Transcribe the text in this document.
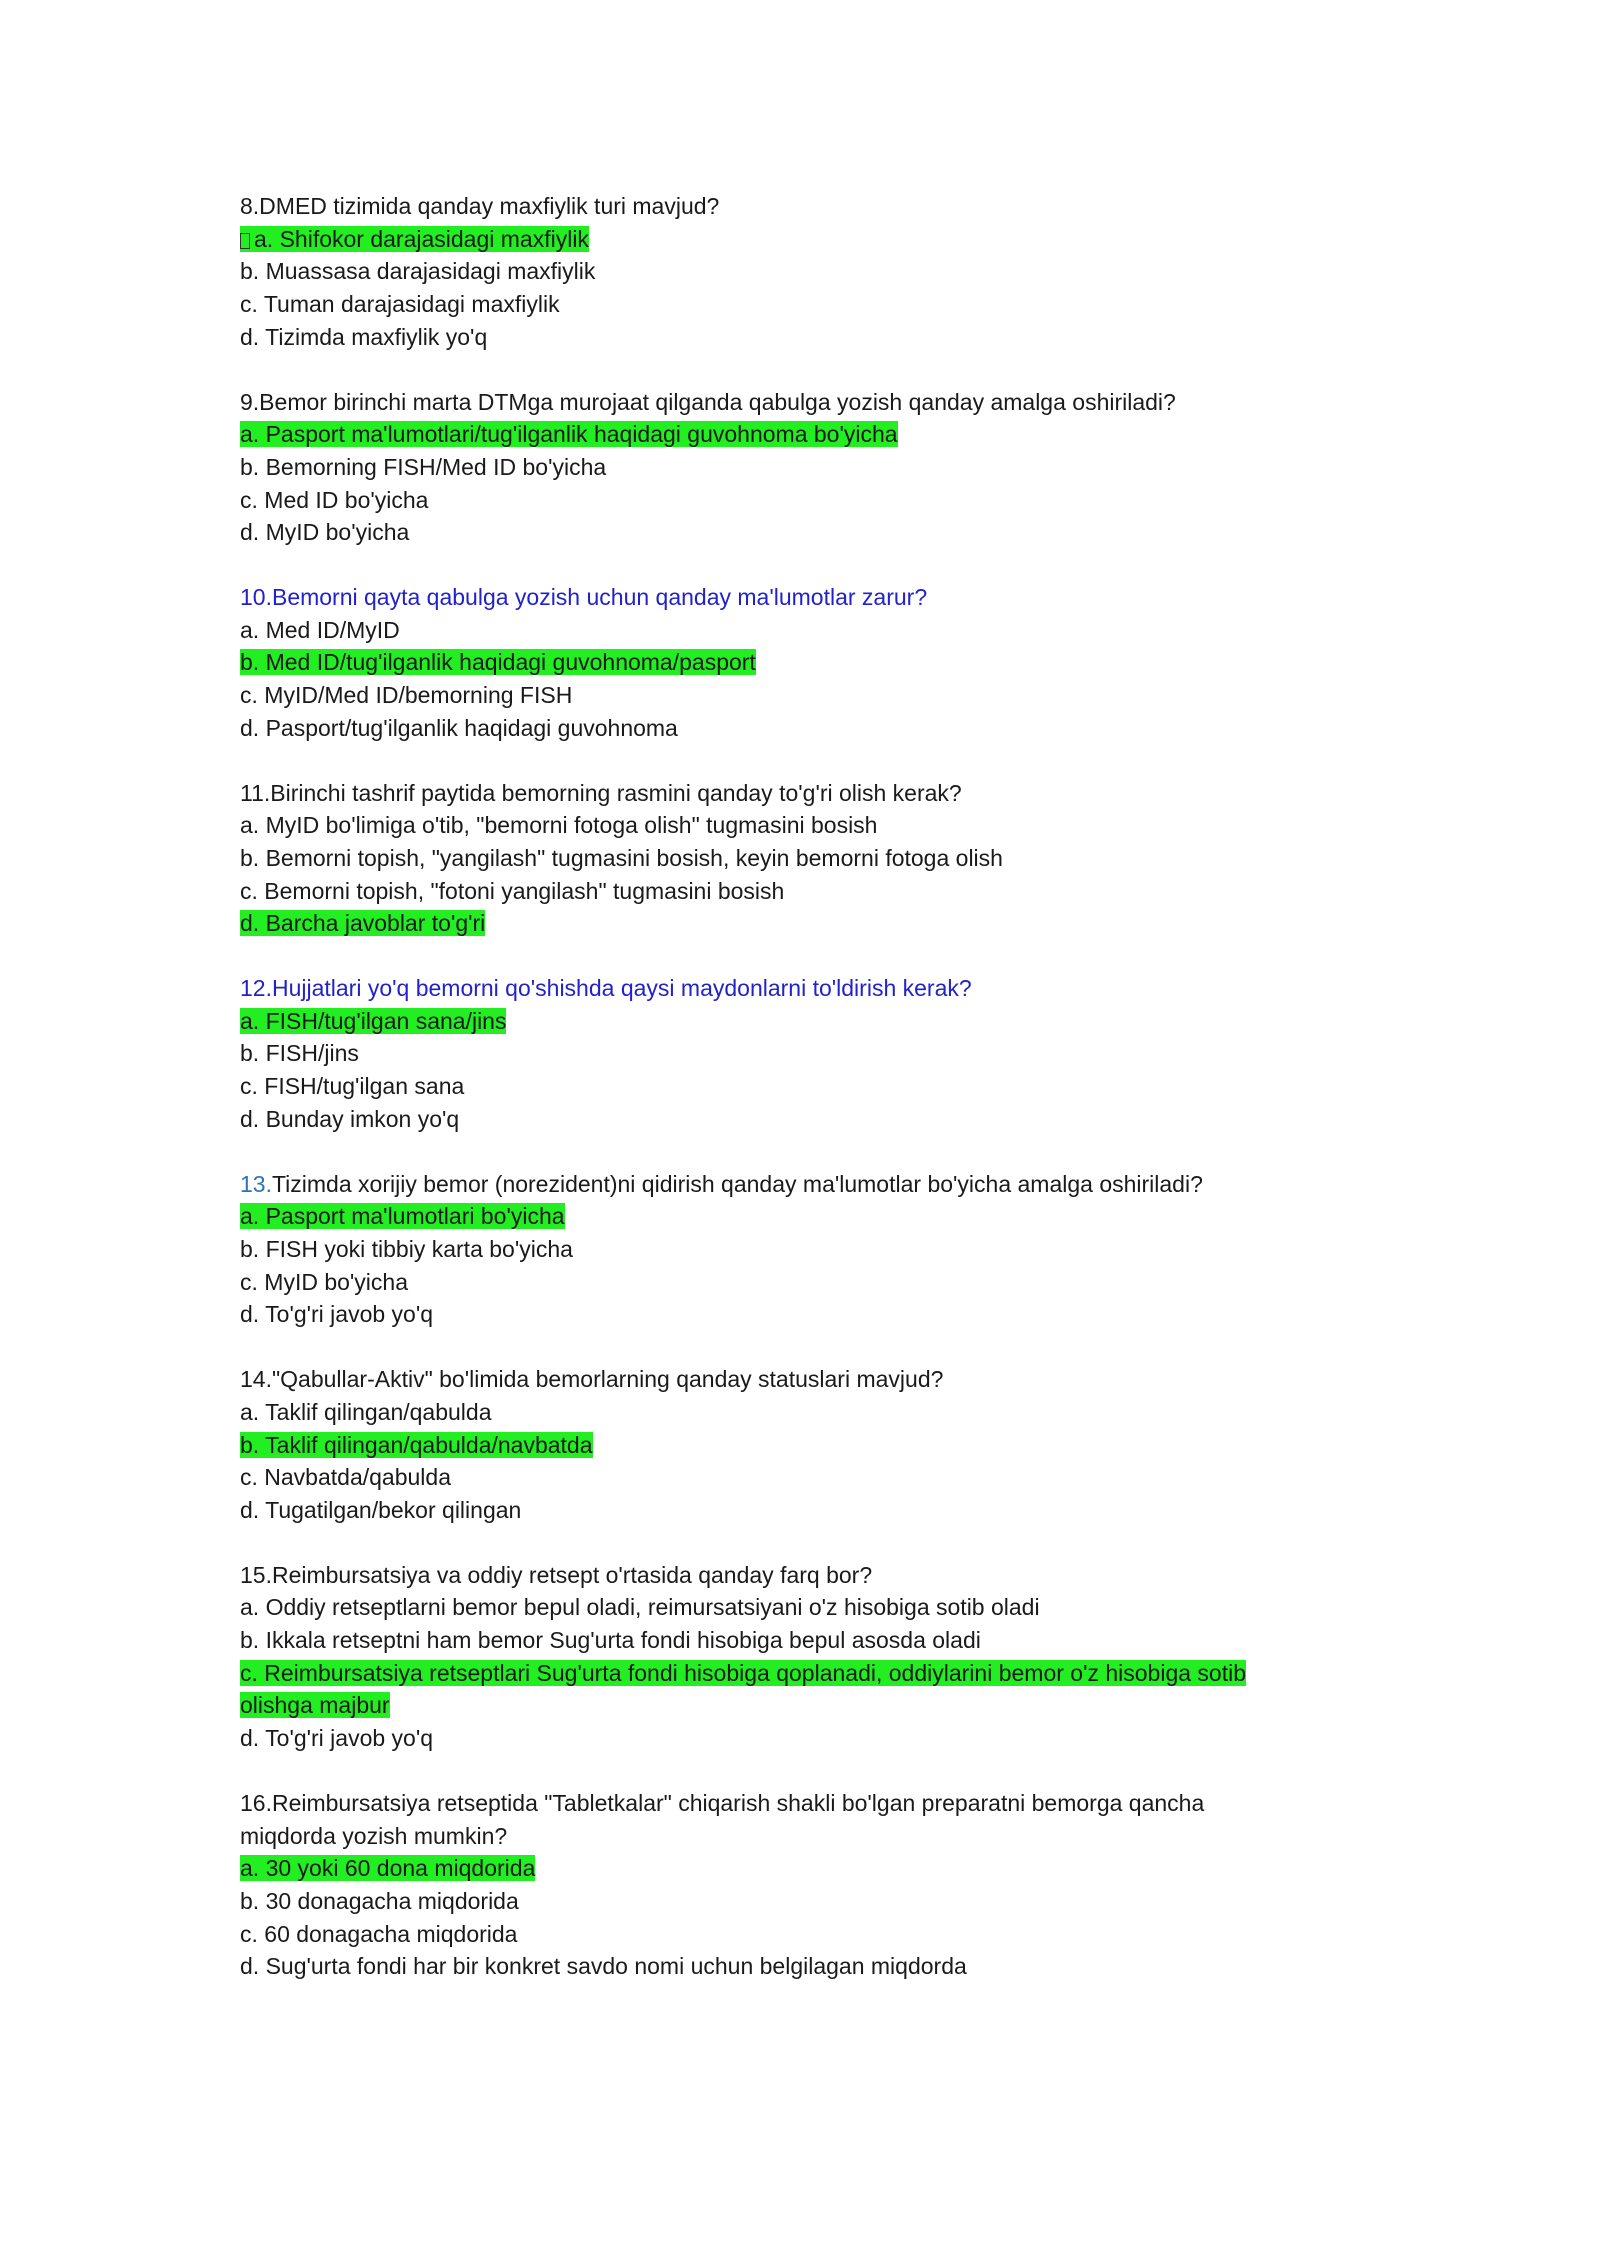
8.DMED tizimida qanday maxfiylik turi mavjud?
a. Shifokor darajasidagi maxfiylik
b. Muassasa darajasidagi maxfiylik
c. Tuman darajasidagi maxfiylik
d. Tizimda maxfiylik yo'q
9.Bemor birinchi marta DTMga murojaat qilganda qabulga yozish qanday amalga oshiriladi?
a. Pasport ma'lumotlari/tug'ilganlik haqidagi guvohnoma bo'yicha
b. Bemorning FISH/Med ID bo'yicha
c. Med ID bo'yicha
d. MyID bo'yicha
10.Bemorni qayta qabulga yozish uchun qanday ma'lumotlar zarur?
a. Med ID/MyID
b. Med ID/tug'ilganlik haqidagi guvohnoma/pasport
c. MyID/Med ID/bemorning FISH
d. Pasport/tug'ilganlik haqidagi guvohnoma
11.Birinchi tashrif paytida bemorning rasmini qanday to'g'ri olish kerak?
a. MyID bo'limiga o'tib, "bemorni fotoga olish" tugmasini bosish
b. Bemorni topish, "yangilash" tugmasini bosish, keyin bemorni fotoga olish
c. Bemorni topish, "fotoni yangilash" tugmasini bosish
d. Barcha javoblar to'g'ri
12.Hujjatlari yo'q bemorni qo'shishda qaysi maydonlarni to'ldirish kerak?
a. FISH/tug'ilgan sana/jins
b. FISH/jins
c. FISH/tug'ilgan sana
d. Bunday imkon yo'q
13.Tizimda xorijiy bemor (norezident)ni qidirish qanday ma'lumotlar bo'yicha amalga oshiriladi?
a. Pasport ma'lumotlari bo'yicha
b. FISH yoki tibbiy karta bo'yicha
c. MyID bo'yicha
d. To'g'ri javob yo'q
14."Qabullar-Aktiv" bo'limida bemorlarning qanday statuslari mavjud?
a. Taklif qilingan/qabulda
b. Taklif qilingan/qabulda/navbatda
c. Navbatda/qabulda
d. Tugatilgan/bekor qilingan
15.Reimbursatsiya va oddiy retsept o'rtasida qanday farq bor?
a. Oddiy retseptlarni bemor bepul oladi, reimursatsiyani o'z hisobiga sotib oladi
b. Ikkala retseptni ham bemor Sug'urta fondi hisobiga bepul asosda oladi
c. Reimbursatsiya retseptlari Sug'urta fondi hisobiga qoplanadi, oddiylarini bemor o'z hisobiga sotib
olishga majbur
d. To'g'ri javob yo'q
16.Reimbursatsiya retseptida "Tabletkalar" chiqarish shakli bo'lgan preparatni bemorga qancha
miqdorda yozish mumkin?
a. 30 yoki 60 dona miqdorida
b. 30 donagacha miqdorida
c. 60 donagacha miqdorida
d. Sug'urta fondi har bir konkret savdo nomi uchun belgilagan miqdorda
